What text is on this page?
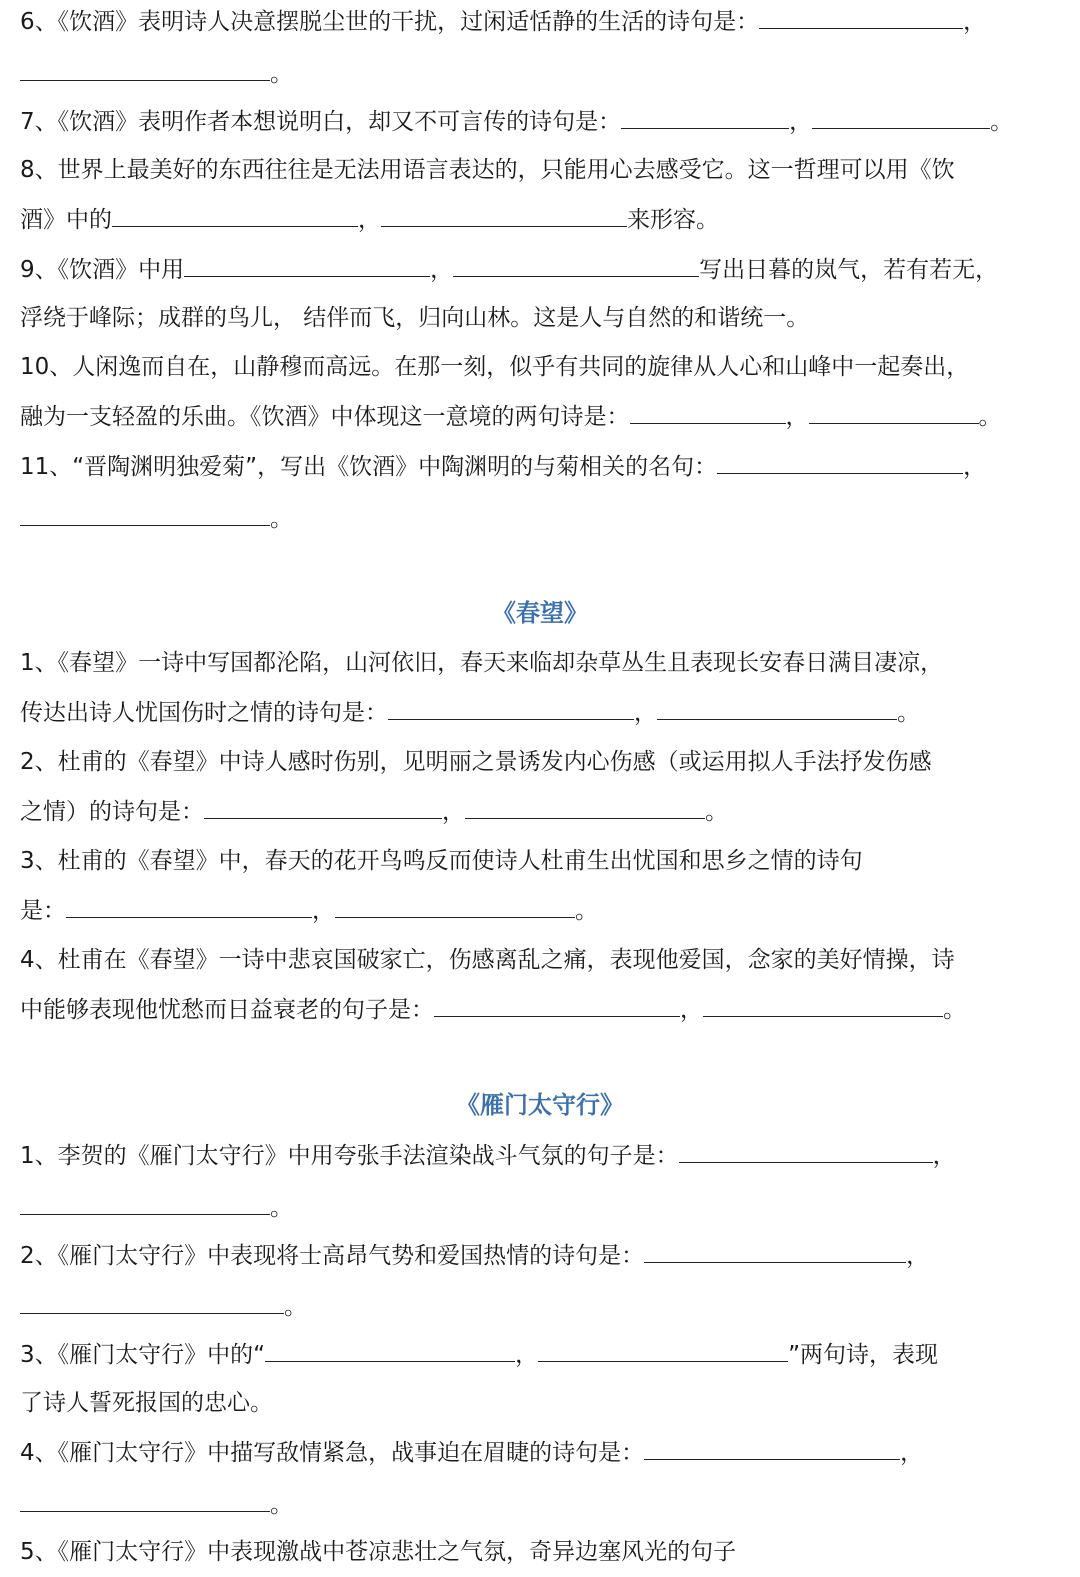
6、《饮酒》表明诗人决意摆脱尘世的干扰，过闲适恬静的生活的诗句是：	，
。
7、《饮酒》表明作者本想说明白，却又不可言传的诗句是：	，	。
8、世界上最美好的东西往往是无法用语言表达的，只能用心去感受它。这一哲理可以用《饮
酒》中的	，	来形容。
9、《饮酒》中用	，	写出日暮的岚气，若有若无，
浮绕于峰际；成群的鸟儿， 结伴而飞，归向山林。这是人与自然的和谐统一。
10、人闲逸而自在，山静穆而高远。在那一刻，似乎有共同的旋律从人心和山峰中一起奏出，
融为一支轻盈的乐曲。《饮酒》中体现这一意境的两句诗是：	，	。
11、“晋陶渊明独爱菊”，写出《饮酒》中陶渊明的与菊相关的名句：	，
。
《春望》
1、《春望》一诗中写国都沦陷，山河依旧，春天来临却杂草丛生且表现长安春日满目凄凉，
传达出诗人忧国伤时之情的诗句是：	，	。
2、杜甫的《春望》中诗人感时伤别，见明丽之景诱发内心伤感（或运用拟人手法抒发伤感
之情）的诗句是：	，	。
3、杜甫的《春望》中，春天的花开鸟鸣反而使诗人杜甫生出忧国和思乡之情的诗句
是：	，	。
4、杜甫在《春望》一诗中悲哀国破家亡，伤感离乱之痛，表现他爱国，念家的美好情操，诗
中能够表现他忧愁而日益衰老的句子是：	，	。
《雁门太守行》
1、李贺的《雁门太守行》中用夸张手法渲染战斗气氛的句子是：	，
。
2、《雁门太守行》中表现将士高昂气势和爱国热情的诗句是：	，
。
3、《雁门太守行》中的“	，	”两句诗，表现
了诗人誓死报国的忠心。
4、《雁门太守行》中描写敌情紧急，战事迫在眉睫的诗句是：	，
。
5、《雁门太守行》中表现激战中苍凉悲壮之气氛，奇异边塞风光的句子
